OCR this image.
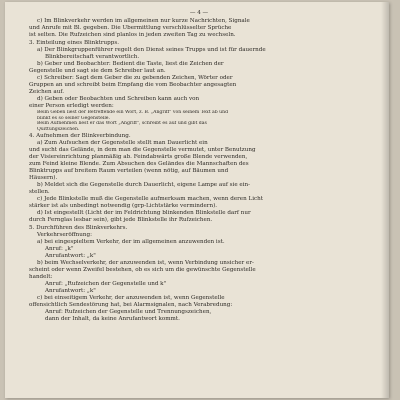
— 4 —
c) Im Blinkverkehr werden im allgemeinen nur kurze Nachrichten, Signale
und Anrufe mit Bl. gegeben. Die Übermittlung verschlüsselter Sprüche
ist selten. Die Rufzeichen sind planlos in jeden zweiten Tag zu wechseln.
3. Einteilung eines Blinktrupps.
a) Der Blinkgruppenführer regelt den Dienst seines Trupps und ist für dauernde
Blinkbereitschaft verantwortlich.
b) Geber und Beobachter: Bedient die Taste, liest die Zeichen der
Gegenstelle und sagt sie dem Schreiber laut an.
c) Schreiber: Sagt dem Geber die zu gebenden Zeichen, Wörter oder
Gruppen an und schreibt beim Empfang die vom Beobachter angesagten
Zeichen auf.
d) Geben oder Beobachten und Schreiben kann auch von
einer Person erledigt werden:
Beim Geben liest der Betreffende ein Wort, z. B. „Angriff" von seinem Text ab und
blinkt es so seiner Gegenstelle.
Beim Aufnehmen liest er das Wort „Angriff", schreibt es auf und gibt das
Quittungszeichen.
4. Aufnehmen der Blinkverbindung.
a) Zum Aufsuchen der Gegenstelle stellt man Dauerlicht ein
und sucht das Gelände, in dem man die Gegenstelle vermutet, unter Benutzung
der Visiereinrichtung planmäßig ab. Feindabwärts große Blende verwenden,
zum Feind kleine Blende. Zum Absuchen des Geländes die Mannschaften des
Blinktrupps auf breitem Raum verteilen (wenn nötig, auf Bäumen und
Häusern).
b) Meldet sich die Gegenstelle durch Dauerlicht, eigene Lampe auf sie ein-
stellen.
c) Jede Blinkstelle muß die Gegenstelle aufmerksam machen, wenn deren Licht
stärker ist als unbedingt notwendig (grp-Lichtstärke vermindern).
d) Ist eingestellt (Licht der im Feldrichtung blinkenden Blinkstelle darf nur
durch Fernglas lesbar sein), gibt jede Blinkstelle ihr Rufzeichen.
5. Durchführen des Blinkverkehrs.
Verkehrseröffnung:
a) bei eingespieltem Verkehr, der im allgemeinen anzuwenden ist.
Anruf: „k"
Anrufantwort: „k"
b) beim Wechselverkehr, der anzuwenden ist, wenn Verbindung unsicher er-
scheint oder wenn Zweifel bestehen, ob es sich um die gewünschte Gegenstelle
handelt:
Anruf: „Rufzeichen der Gegenstelle und k"
Anrufantwort: „k"
c) bei einseitigem Verkehr, der anzuwenden ist, wenn Gegenstelle
offensichtlich Sendestörung hat, bei Alarmsignalen, nach Verabredung:
Anruf: Rufzeichen der Gegenstelle und Trennungszeichen,
dann der Inhalt, da keine Anrufantwort kommt.
